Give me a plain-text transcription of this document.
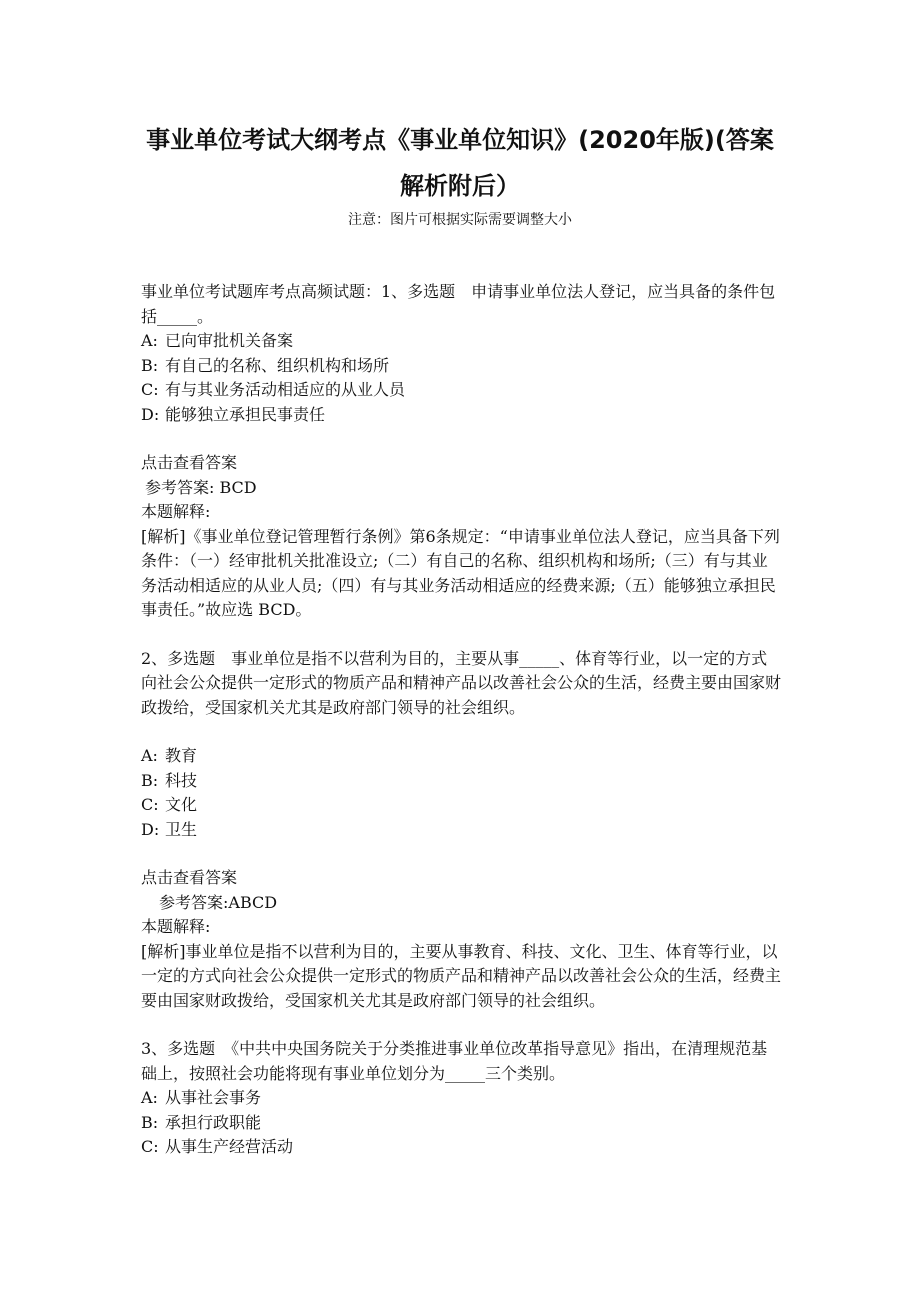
事业单位考试大纲考点《事业单位知识》(2020年版)(答案
解析附后）
注意：图片可根据实际需要调整大小

事业单位考试题库考点高频试题：1、多选题　申请事业单位法人登记，应当具备的条件包括_____。

A: 已向审批机关备案

B: 有自己的名称、组织机构和场所

C: 有与其业务活动相适应的从业人员

D: 能够独立承担民事责任

点击查看答案

参考答案: BCD

本题解释:

[解析]《事业单位登记管理暂行条例》第6条规定：“申请事业单位法人登记，应当具备下列条件：（一）经审批机关批准设立;（二）有自己的名称、组织机构和场所;（三）有与其业务活动相适应的从业人员;（四）有与其业务活动相适应的经费来源;（五）能够独立承担民事责任。”故应选 BCD。

2、多选题　事业单位是指不以营利为目的，主要从事_____、体育等行业，以一定的方式向社会公众提供一定形式的物质产品和精神产品以改善社会公众的生活，经费主要由国家财政拨给，受国家机关尤其是政府部门领导的社会组织。

A: 教育

B: 科技

C: 文化

D: 卫生

点击查看答案

参考答案:ABCD

本题解释:

[解析]事业单位是指不以营利为目的，主要从事教育、科技、文化、卫生、体育等行业，以一定的方式向社会公众提供一定形式的物质产品和精神产品以改善社会公众的生活，经费主要由国家财政拨给，受国家机关尤其是政府部门领导的社会组织。

3、多选题　《中共中央国务院关于分类推进事业单位改革指导意见》指出，在清理规范基础上，按照社会功能将现有事业单位划分为_____三个类别。

A: 从事社会事务

B: 承担行政职能

C: 从事生产经营活动
